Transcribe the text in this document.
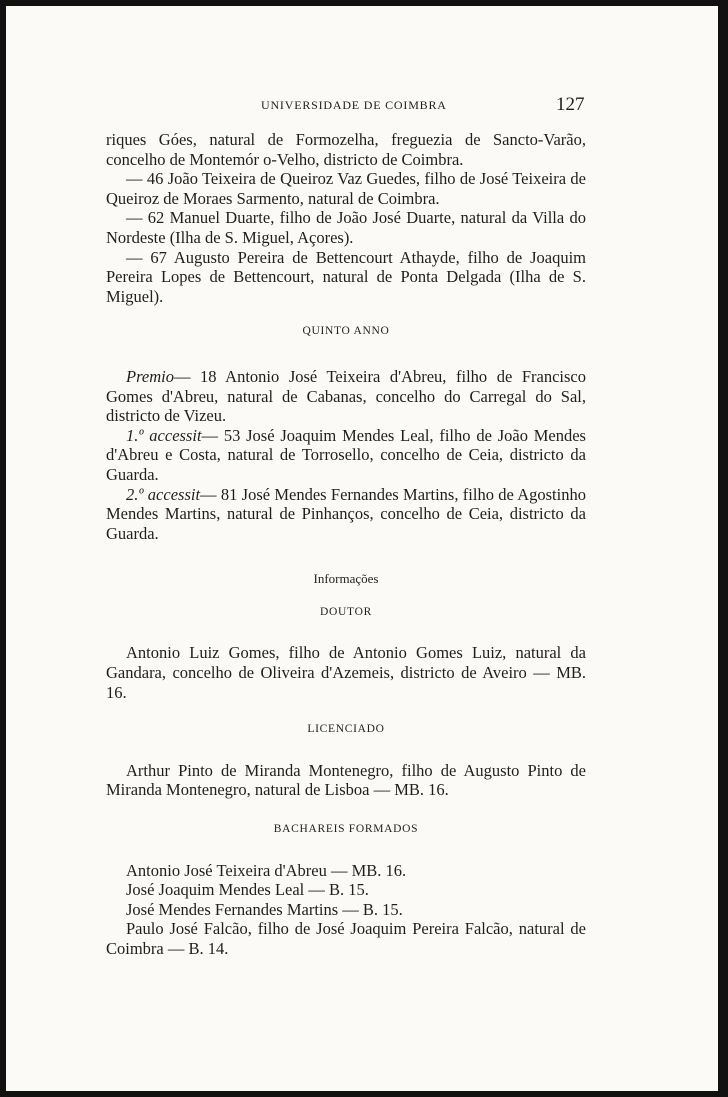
UNIVERSIDADE DE COIMBRA	127

riques Góes, natural de Formozelha, freguezia de Sancto-Varão, concelho de Montemór o-Velho, districto de Coimbra.

— 46 João Teixeira de Queiroz Vaz Guedes, filho de José Teixeira de Queiroz de Moraes Sarmento, natural de Coimbra.

— 62 Manuel Duarte, filho de João José Duarte, natural da Villa do Nordeste (Ilha de S. Miguel, Açores).

— 67 Augusto Pereira de Bettencourt Athayde, filho de Joaquim Pereira Lopes de Bettencourt, natural de Ponta Delgada (Ilha de S. Miguel).

QUINTO ANNO

Premio— 18 Antonio José Teixeira d'Abreu, filho de Francisco Gomes d'Abreu, natural de Cabanas, concelho do Carregal do Sal, districto de Vizeu.

1.º accessit— 53 José Joaquim Mendes Leal, filho de João Mendes d'Abreu e Costa, natural de Torrosello, concelho de Ceia, districto da Guarda.

2.º accessit— 81 José Mendes Fernandes Martins, filho de Agostinho Mendes Martins, natural de Pinhanços, concelho de Ceia, districto da Guarda.

Informações

DOUTOR

Antonio Luiz Gomes, filho de Antonio Gomes Luiz, natural da Gandara, concelho de Oliveira d'Azemeis, districto de Aveiro — MB. 16.

LICENCIADO

Arthur Pinto de Miranda Montenegro, filho de Augusto Pinto de Miranda Montenegro, natural de Lisboa — MB. 16.

BACHAREIS FORMADOS

Antonio José Teixeira d'Abreu — MB. 16.

José Joaquim Mendes Leal — B. 15.

José Mendes Fernandes Martins — B. 15.

Paulo José Falcão, filho de José Joaquim Pereira Falcão, natural de Coimbra — B. 14.
